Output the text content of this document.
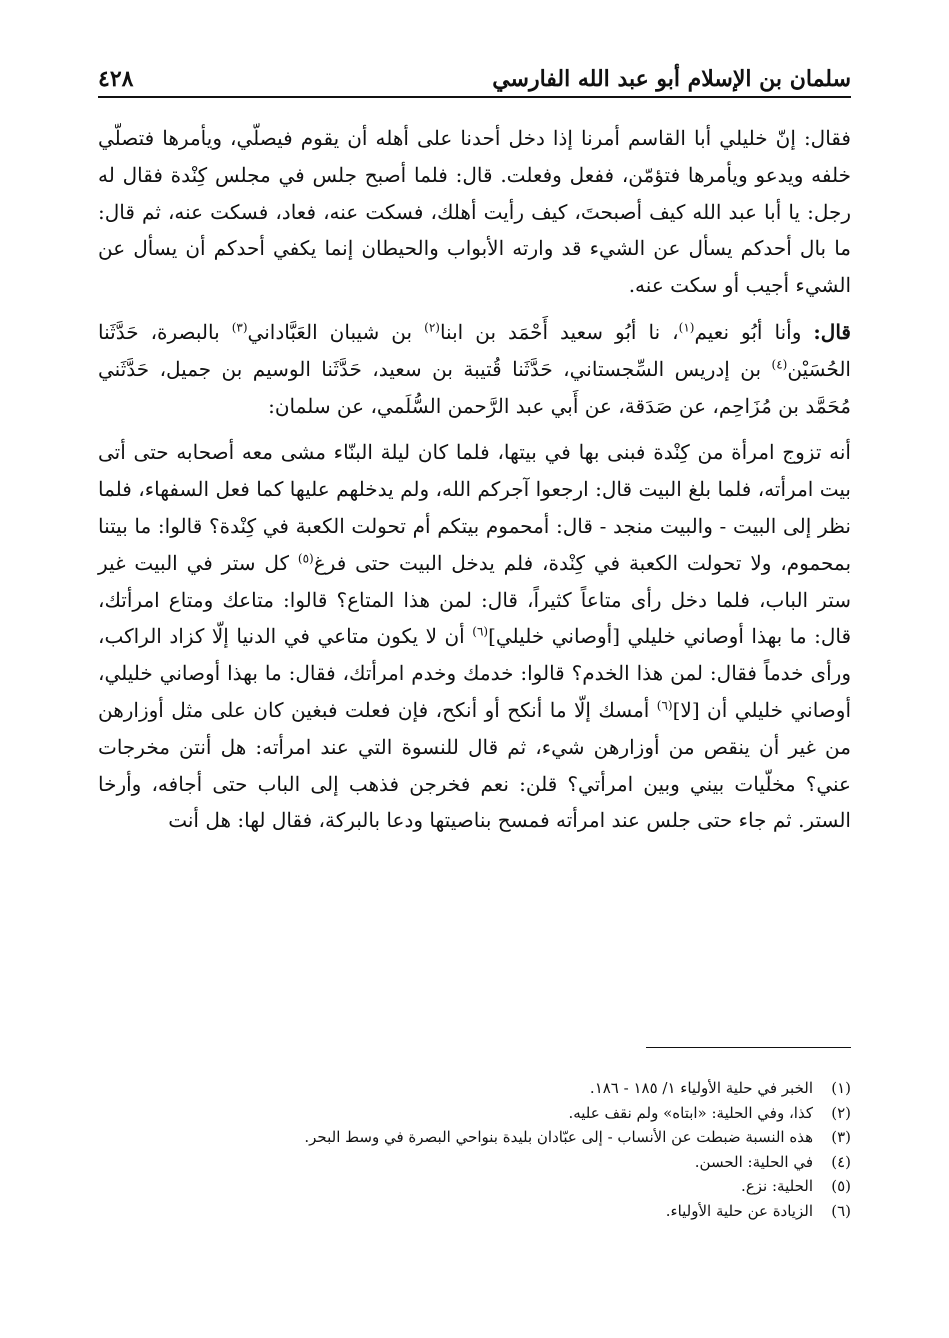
سلمان بن الإسلام أبو عبد الله الفارسي
٤٢٨

فقال: إنّ خليلي أبا القاسم أمرنا إذا دخل أحدنا على أهله أن يقوم فيصلّي، ويأمرها فتصلّي خلفه ويدعو ويأمرها فتؤمّن، ففعل وفعلت. قال: فلما أصبح جلس في مجلس كِنْدة فقال له رجل: يا أبا عبد الله كيف أصبحتَ، كيف رأيت أهلك، فسكت عنه، فعاد، فسكت عنه، ثم قال: ما بال أحدكم يسأل عن الشيء قد وارته الأبواب والحيطان إنما يكفي أحدكم أن يسأل عن الشيء أجيب أو سكت عنه.

قال: وأنا أبُو نعيم$^{(١)}$، نا أبُو سعيد أَحْمَد بن ابنا$^{(٢)}$ بن شيبان العَبَّاداني$^{(٣)}$ بالبصرة، حَدَّثَنا الحُسَيْن$^{(٤)}$ بن إدريس السِّجستاني، حَدَّثَنا قُتيبة بن سعيد، حَدَّثَنا الوسيم بن جميل، حَدَّثَني مُحَمَّد بن مُزَاحِم، عن صَدَقة، عن أَبي عبد الرَّحمن السُّلَمي، عن سلمان:

أنه تزوج امرأة من كِنْدة فبنى بها في بيتها، فلما كان ليلة البنّاء مشى معه أصحابه حتى أتى بيت امرأته، فلما بلغ البيت قال: ارجعوا آجركم الله، ولم يدخلهم عليها كما فعل السفهاء، فلما نظر إلى البيت - والبيت منجد - قال: أمحموم بيتكم أم تحولت الكعبة في كِنْدة؟ قالوا: ما بيتنا بمحموم، ولا تحولت الكعبة في كِنْدة، فلم يدخل البيت حتى فرغ$^{(٥)}$ كل ستر في البيت غير ستر الباب، فلما دخل رأى متاعاً كثيراً، قال: لمن هذا المتاع؟ قالوا: متاعك ومتاع امرأتك، قال: ما بهذا أوصاني خليلي [أوصاني خليلي]$^{(٦)}$ أن لا يكون متاعي في الدنيا إلّا كزاد الراكب، ورأى خدماً فقال: لمن هذا الخدم؟ قالوا: خدمك وخدم امرأتك، فقال: ما بهذا أوصاني خليلي، أوصاني خليلي أن [لا]$^{(٦)}$ أمسك إلّا ما أنكح أو أنكح، فإن فعلت فبغين كان على مثل أوزارهن من غير أن ينقص من أوزارهن شيء، ثم قال للنسوة التي عند امرأته: هل أنتن مخرجات عني؟ مخلّيات بيني وبين امرأتي؟ قلن: نعم فخرجن فذهب إلى الباب حتى أجافه، وأرخا الستر. ثم جاء حتى جلس عند امرأته فمسح بناصيتها ودعا بالبركة، فقال لها: هل أنت

(١)
الخبر في حلية الأولياء ١/ ١٨٥ - ١٨٦.
(٢)
كذا، وفي الحلية: «ابتاه» ولم نقف عليه.
(٣)
هذه النسبة ضبطت عن الأنساب - إلى عبّادان بليدة بنواحي البصرة في وسط البحر.
(٤)
في الحلية: الحسن.
(٥)
الحلية: نزع.
(٦)
الزيادة عن حلية الأولياء.
